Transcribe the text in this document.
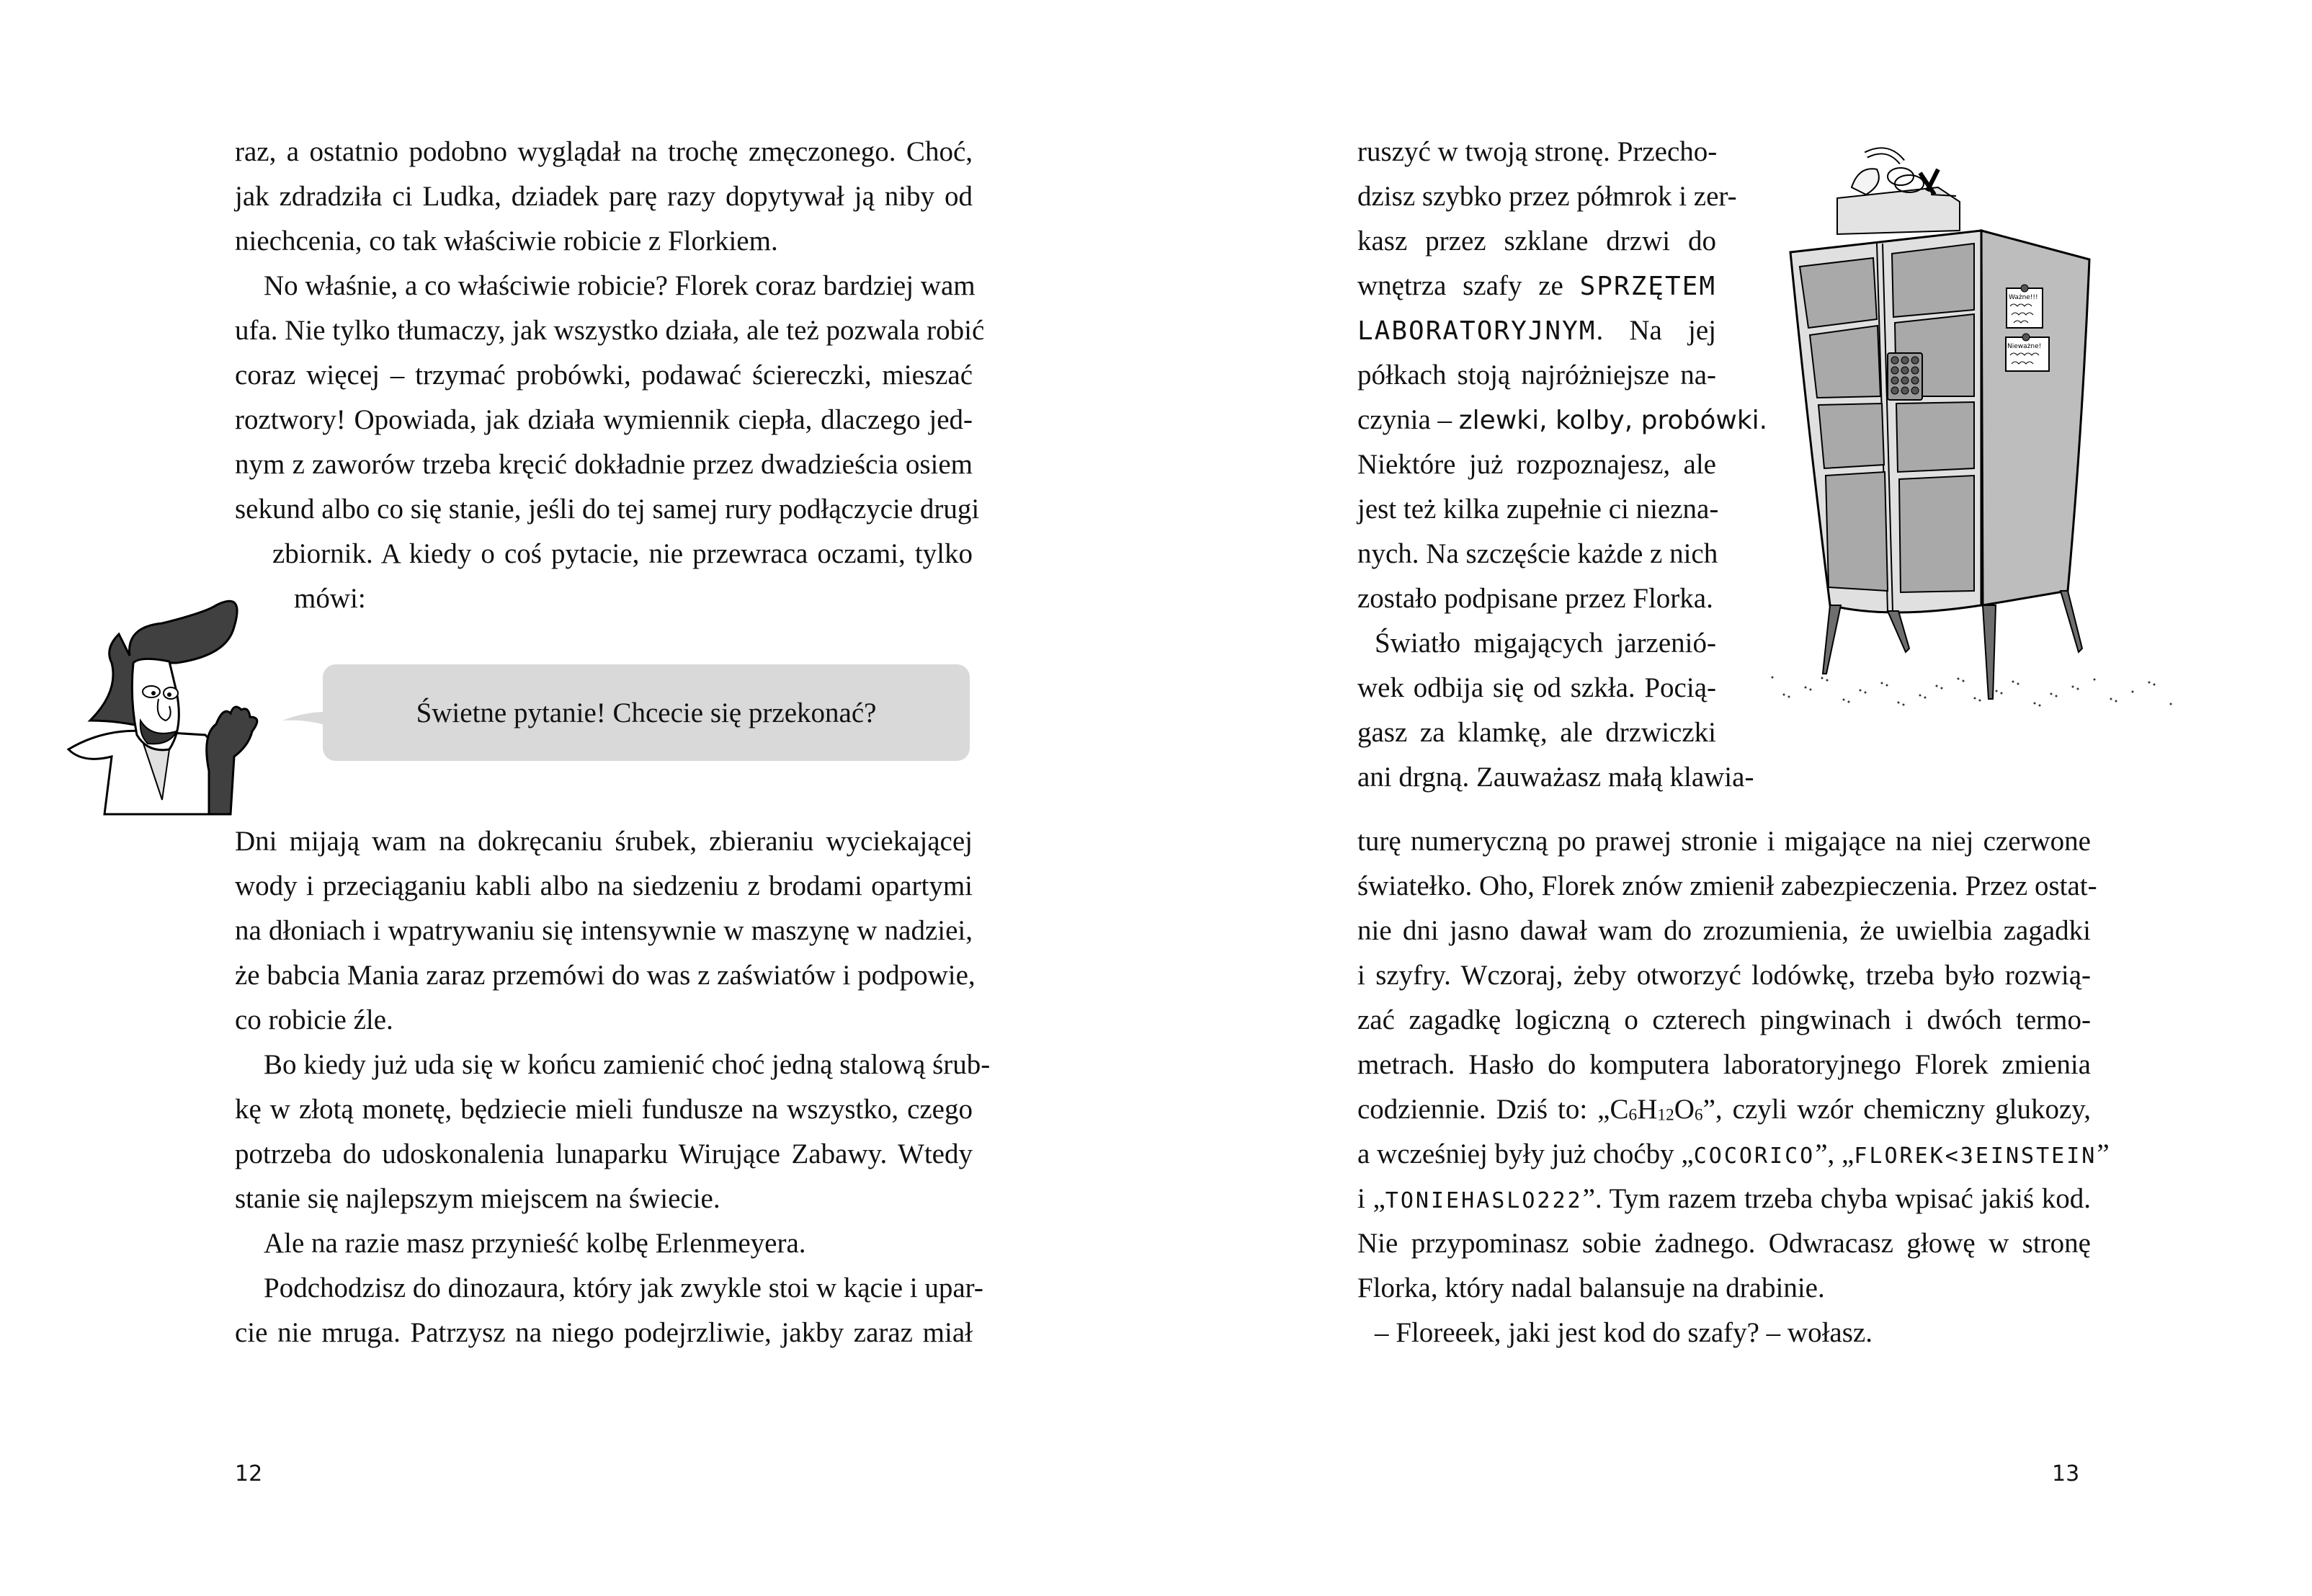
raz, a ostatnio podobno wyglądał na trochę zmęczonego. Choć,
jak zdradziła ci Ludka, dziadek parę razy dopytywał ją niby od
niechcenia, co tak właściwie robicie z Florkiem.
No właśnie, a co właściwie robicie? Florek coraz bardziej wam
ufa. Nie tylko tłumaczy, jak wszystko działa, ale też pozwala robić
coraz więcej – trzymać probówki, podawać ściereczki, mieszać
roztwory! Opowiada, jak działa wymiennik ciepła, dlaczego jed-
nym z zaworów trzeba kręcić dokładnie przez dwadzieścia osiem
sekund albo co się stanie, jeśli do tej samej rury podłączycie drugi
zbiornik. A kiedy o coś pytacie, nie przewraca oczami, tylko
mówi:
Świetne pytanie! Chcecie się przekonać?
Dni mijają wam na dokręcaniu śrubek, zbieraniu wyciekającej
wody i przeciąganiu kabli albo na siedzeniu z brodami opartymi
na dłoniach i wpatrywaniu się intensywnie w maszynę w nadziei,
że babcia Mania zaraz przemówi do was z zaświatów i podpowie,
co robicie źle.
Bo kiedy już uda się w końcu zamienić choć jedną stalową śrub-
kę w złotą monetę, będziecie mieli fundusze na wszystko, czego
potrzeba do udoskonalenia lunaparku Wirujące Zabawy. Wtedy
stanie się najlepszym miejscem na świecie.
Ale na razie masz przynieść kolbę Erlenmeyera.
Podchodzisz do dinozaura, który jak zwykle stoi w kącie i upar-
cie nie mruga. Patrzysz na niego podejrzliwie, jakby zaraz miał
12
ruszyć w twoją stronę. Przecho-
dzisz szybko przez półmrok i zer-
kasz przez szklane drzwi do
wnętrza szafy ze SPRZĘTEM
LABORATORYJNYM. Na jej
półkach stoją najróżniejsze na-
czynia – zlewki, kolby, probówki.
Niektóre już rozpoznajesz, ale
jest też kilka zupełnie ci niezna-
nych. Na szczęście każde z nich
zostało podpisane przez Florka.
Światło migających jarzenió-
wek odbija się od szkła. Pocią-
gasz za klamkę, ale drzwiczki
ani drgną. Zauważasz małą klawia-
Ważne!!!
Nieważne!
turę numeryczną po prawej stronie i migające na niej czerwone
światełko. Oho, Florek znów zmienił zabezpieczenia. Przez ostat-
nie dni jasno dawał wam do zrozumienia, że uwielbia zagadki
i szyfry. Wczoraj, żeby otworzyć lodówkę, trzeba było rozwią-
zać zagadkę logiczną o czterech pingwinach i dwóch termo-
metrach. Hasło do komputera laboratoryjnego Florek zmienia
codziennie. Dziś to: $„C_6H_{12}O_6$”, czyli wzór chemiczny glukozy,
a wcześniej były już choćby „COCORICO”, „FLOREK<3EINSTEIN”
i „TONIEHASLO222”. Tym razem trzeba chyba wpisać jakiś kod.
Nie przypominasz sobie żadnego. Odwracasz głowę w stronę
Florka, który nadal balansuje na drabinie.
– Floreeek, jaki jest kod do szafy? – wołasz.
13
